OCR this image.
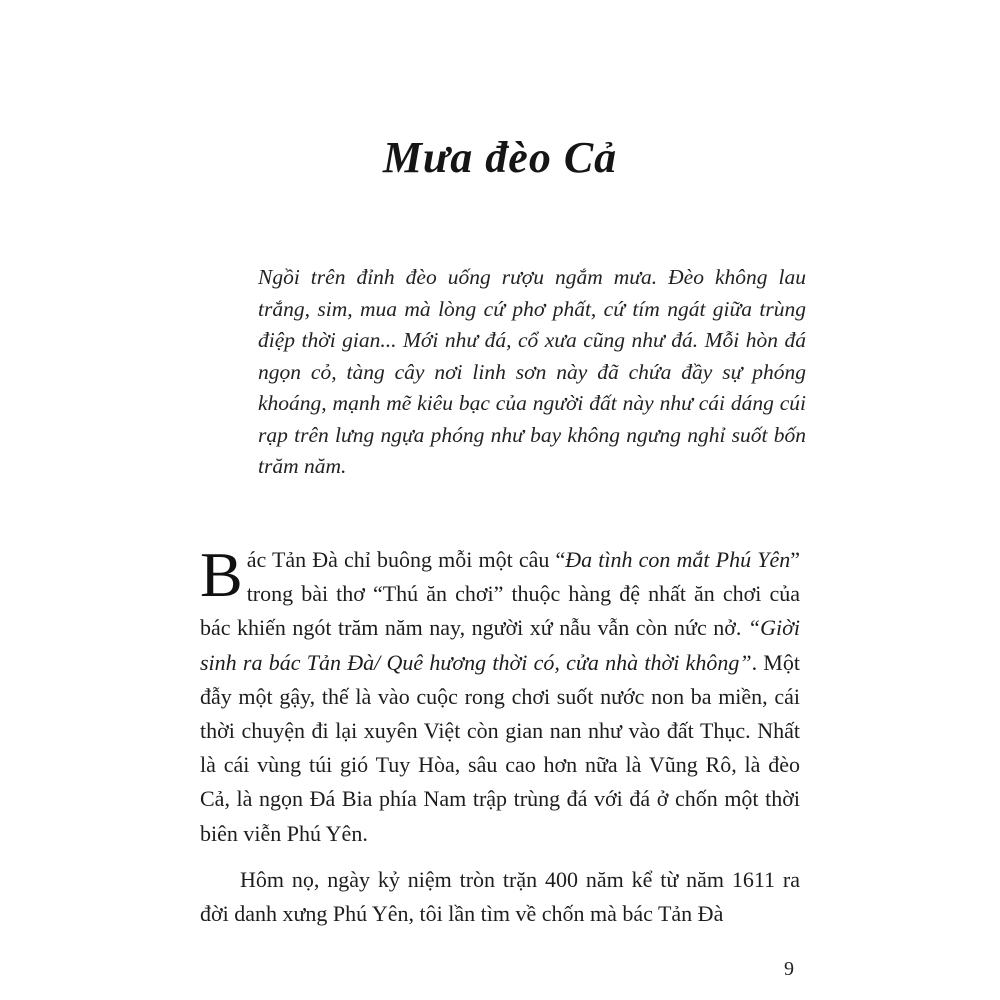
Mưa đèo Cả
Ngồi trên đỉnh đèo uống rượu ngắm mưa. Đèo không lau trắng, sim, mua mà lòng cứ phơ phất, cứ tím ngát giữa trùng điệp thời gian... Mới như đá, cổ xưa cũng như đá. Mỗi hòn đá ngọn cỏ, tàng cây nơi linh sơn này đã chứa đầy sự phóng khoáng, mạnh mẽ kiêu bạc của người đất này như cái dáng cúi rạp trên lưng ngựa phóng như bay không ngưng nghỉ suốt bốn trăm năm.

Bác Tản Đà chỉ buông mỗi một câu “Đa tình con mắt Phú Yên” trong bài thơ “Thú ăn chơi” thuộc hàng đệ nhất ăn chơi của bác khiến ngót trăm năm nay, người xứ nẫu vẫn còn nức nở. “Giời sinh ra bác Tản Đà/ Quê hương thời có, cửa nhà thời không”. Một đẫy một gậy, thế là vào cuộc rong chơi suốt nước non ba miền, cái thời chuyện đi lại xuyên Việt còn gian nan như vào đất Thục. Nhất là cái vùng túi gió Tuy Hòa, sâu cao hơn nữa là Vũng Rô, là đèo Cả, là ngọn Đá Bia phía Nam trập trùng đá với đá ở chốn một thời biên viễn Phú Yên.

Hôm nọ, ngày kỷ niệm tròn trặn 400 năm kể từ năm 1611 ra đời danh xưng Phú Yên, tôi lần tìm về chốn mà bác Tản Đà

9
